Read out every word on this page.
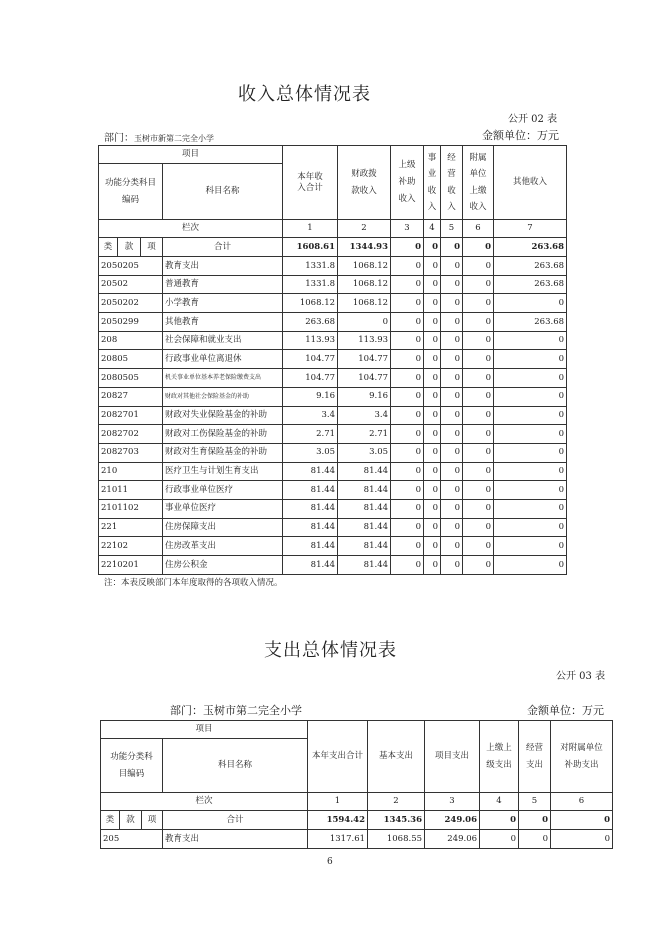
收入总体情况表
公开 02 表
部门：玉树市新第二完全小学	金额单位：万元
项目				本年收入合计	财政拨款收入	上级补助收入	事业收入	经营收入	附属单位上缴收入	其他收入
功能分类科目编码			科目名称							
栏次				1	2	3	4	5	6	7
类	款	项	合计	1608.61	1344.93	0	0	0	0	263.68
2050205			教育支出	1331.8	1068.12	0	0	0	0	263.68
20502			普通教育	1331.8	1068.12	0	0	0	0	263.68
2050202			小学教育	1068.12	1068.12	0	0	0	0	0
2050299			其他教育	263.68	0	0	0	0	0	263.68
208			社会保障和就业支出	113.93	113.93	0	0	0	0	0
20805			行政事业单位离退休	104.77	104.77	0	0	0	0	0
2080505			机关事业单位基本养老保险缴费支出	104.77	104.77	0	0	0	0	0
20827			财政对其他社会保险基金的补助	9.16	9.16	0	0	0	0	0
2082701			财政对失业保险基金的补助	3.4	3.4	0	0	0	0	0
2082702			财政对工伤保险基金的补助	2.71	2.71	0	0	0	0	0
2082703			财政对生育保险基金的补助	3.05	3.05	0	0	0	0	0
210			医疗卫生与计划生育支出	81.44	81.44	0	0	0	0	0
21011			行政事业单位医疗	81.44	81.44	0	0	0	0	0
2101102			事业单位医疗	81.44	81.44	0	0	0	0	0
221			住房保障支出	81.44	81.44	0	0	0	0	0
22102			住房改革支出	81.44	81.44	0	0	0	0	0
2210201			住房公积金	81.44	81.44	0	0	0	0	0
注：本表反映部门本年度取得的各项收入情况。
支出总体情况表
公开 03 表
部门：玉树市第二完全小学	金额单位：万元
项目				本年支出合计	基本支出	项目支出	上缴上级支出	经营支出	对附属单位补助支出
功能分类科目编码			科目名称						
栏次				1	2	3	4	5	6
类	款	项	合计	1594.42	1345.36	249.06	0	0	0
205			教育支出	1317.61	1068.55	249.06	0	0	0
6
